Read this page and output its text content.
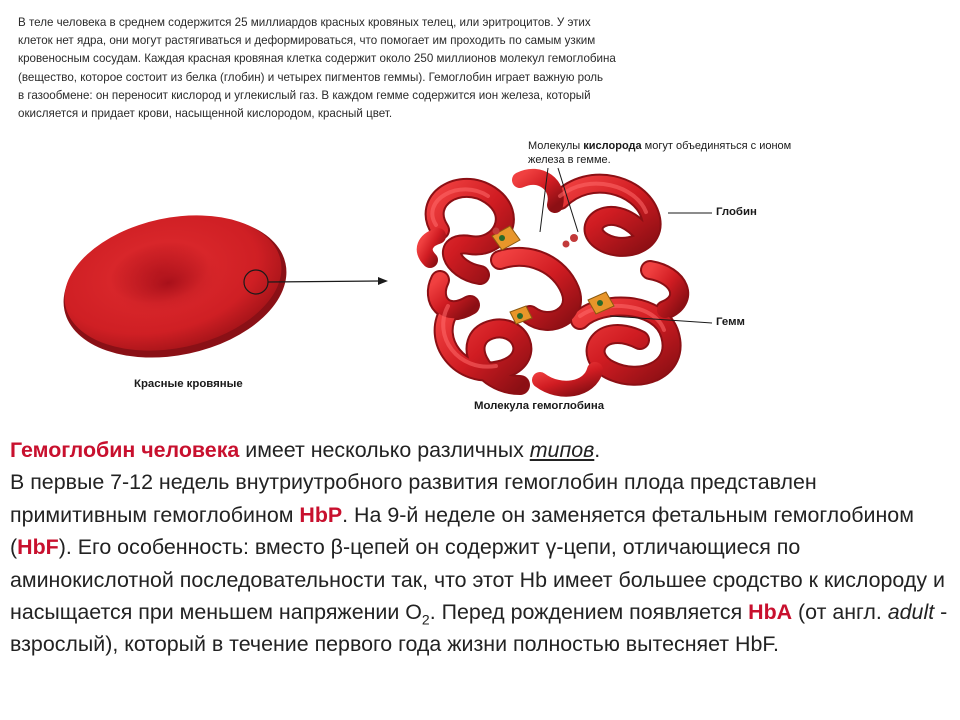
В теле человека в среднем содержится 25 миллиардов красных кровяных телец, или эритроцитов. У этих
клеток нет ядра, они могут растягиваться и деформироваться, что помогает им проходить по самым узким
кровеносным сосудам. Каждая красная кровяная клетка содержит около 250 миллионов молекул гемоглобина
(вещество, которое состоит из белка (глобин) и четырех пигментов геммы). Гемоглобин играет важную роль
в газообмене: он переносит кислород и углекислый газ. В каждом гемме содержится ион железа, который
окисляется и придает крови, насыщенной кислородом, красный цвет.
Молекулы кислорода могут объединяться с ионом железа в гемме.
Глобин
Гемм
Красные кровяные
Молекула гемоглобина
Гемоглобин человека имеет несколько различных типов.
В первые 7-12 недель внутриутробного развития гемоглобин плода представлен примитивным гемоглобином HbP. На 9-й неделе он заменяется фетальным гемоглобином (HbF). Его особенность: вместо β-цепей он содержит γ-цепи, отличающиеся по аминокислотной последовательности так, что этот Hb имеет большее сродство к кислороду и насыщается при меньшем напряжении $O_2$. Перед рождением появляется HbA (от англ. adult - взрослый), который в течение первого года жизни полностью вытесняет HbF.
